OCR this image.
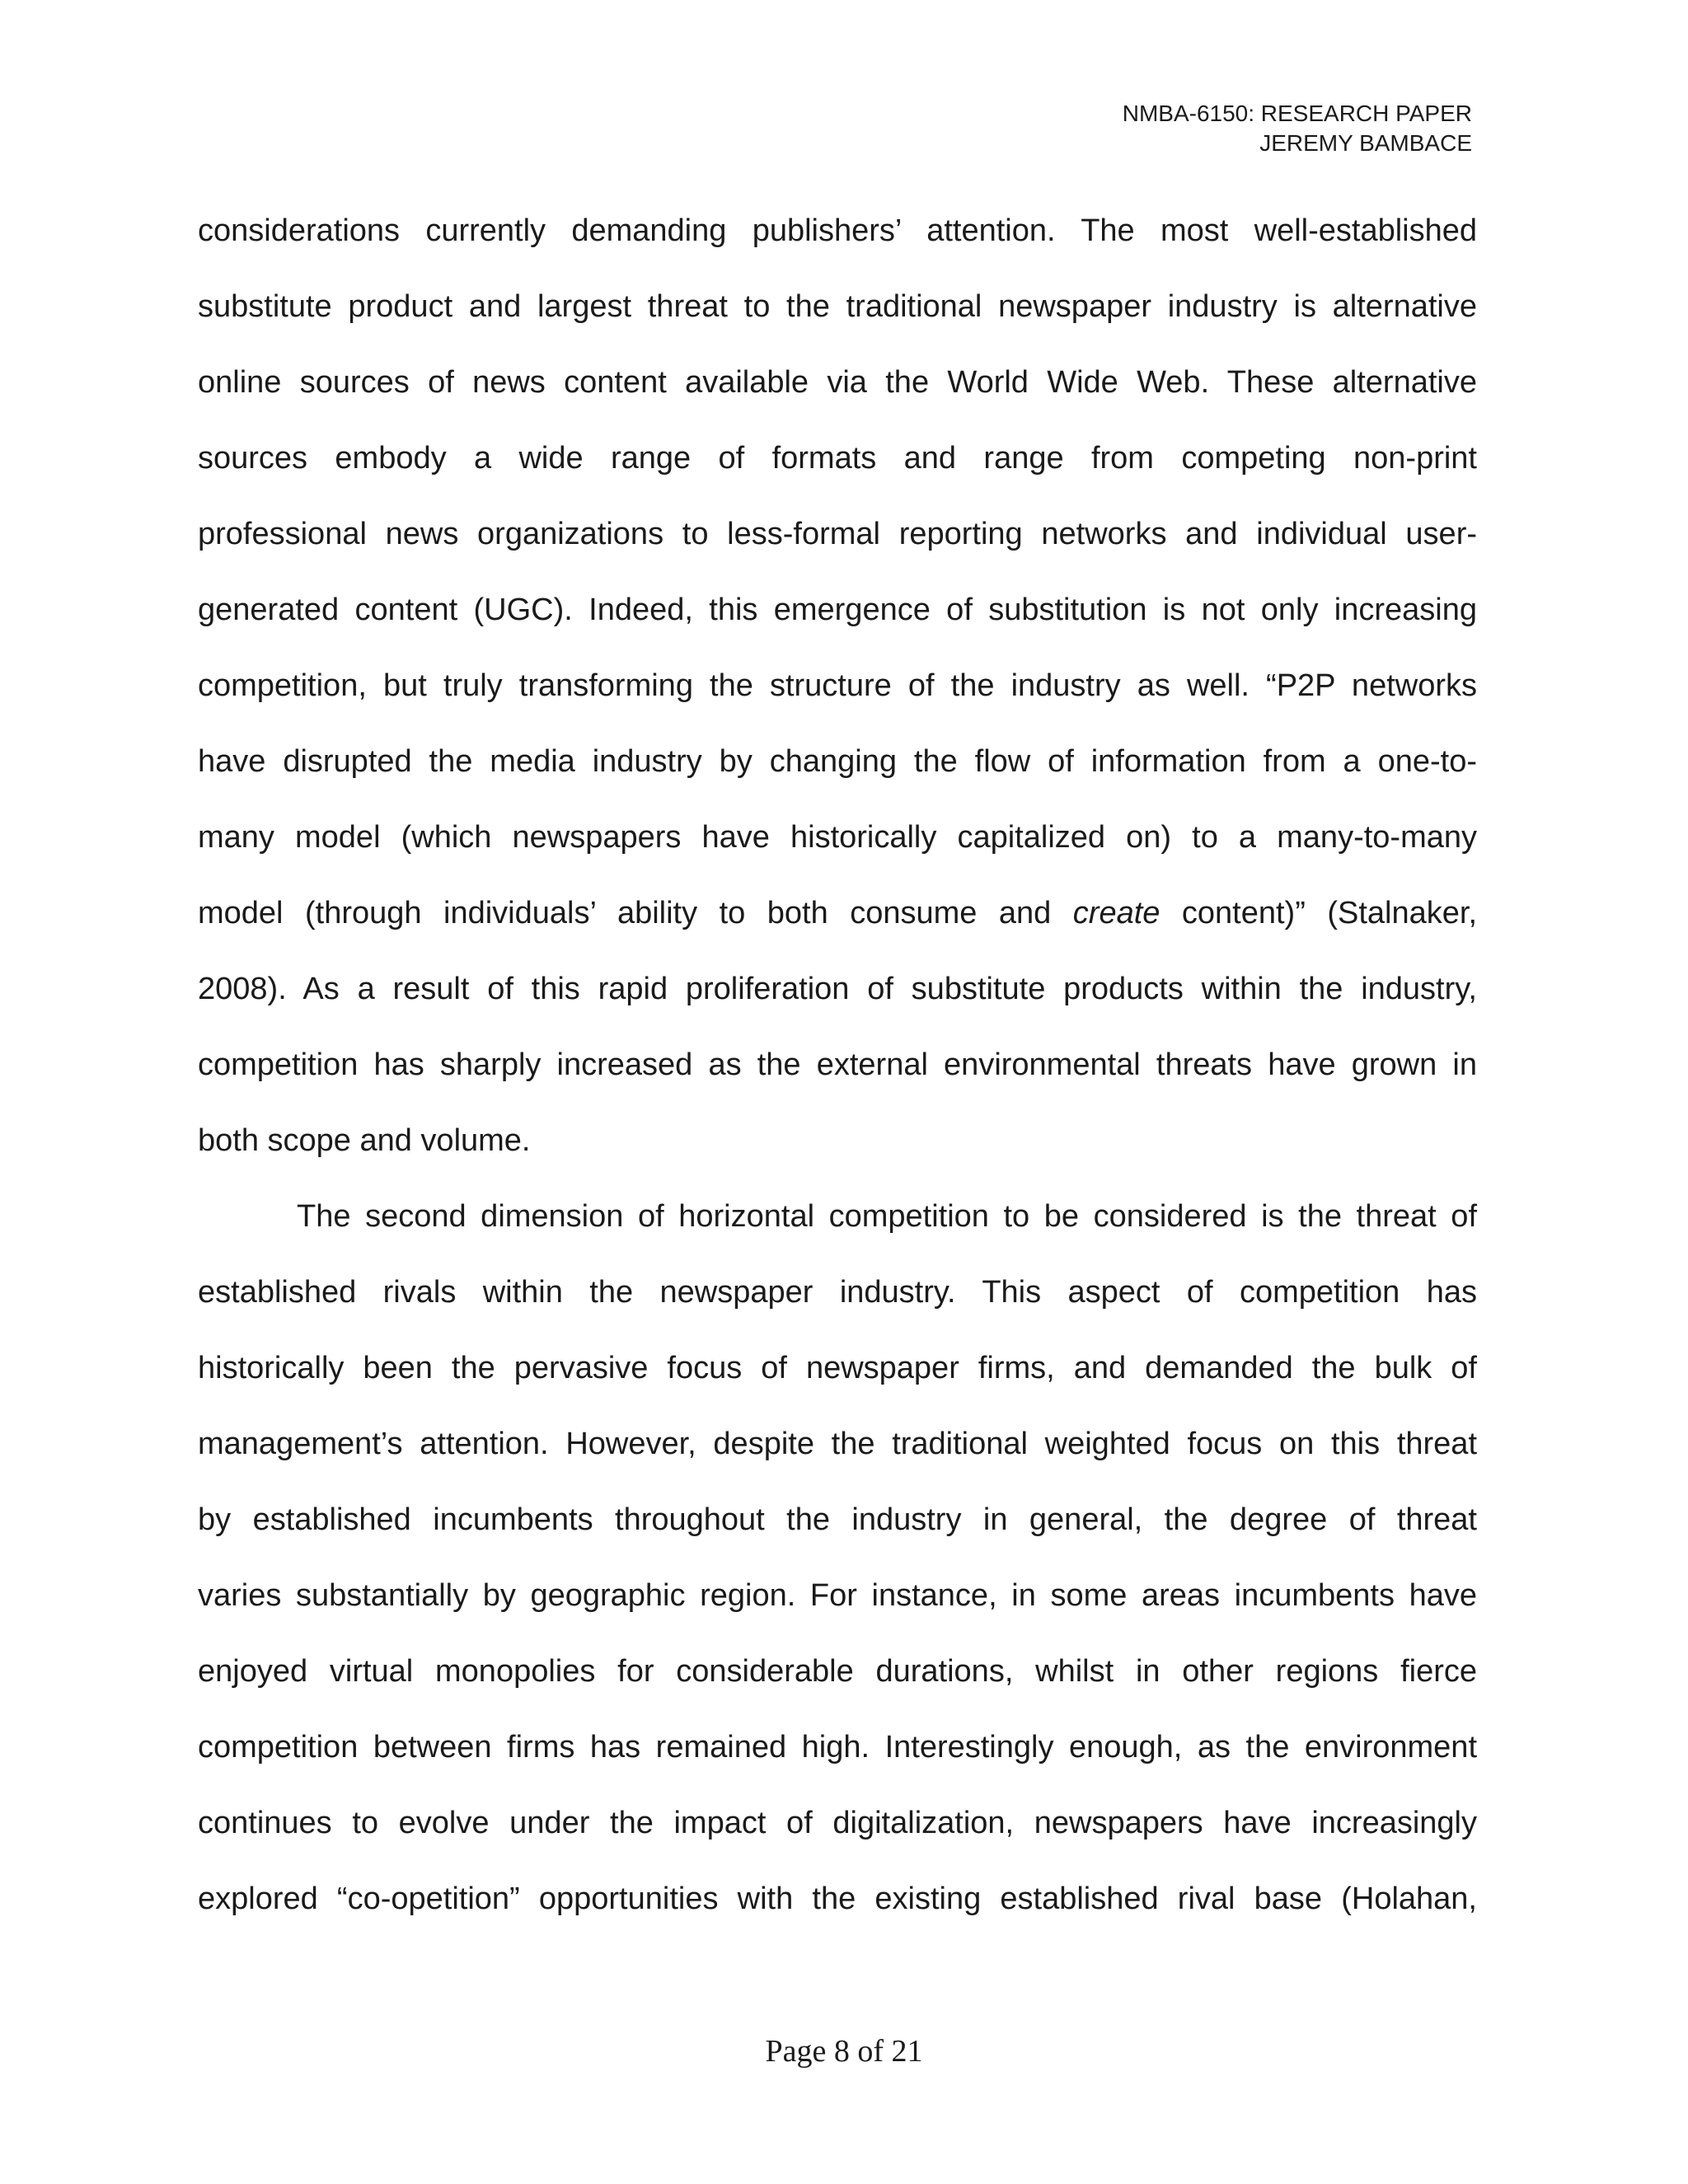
NMBA-6150: RESEARCH PAPER
JEREMY BAMBACE
considerations currently demanding publishers’ attention. The most well-established
substitute product and largest threat to the traditional newspaper industry is alternative
online sources of news content available via the World Wide Web. These alternative
sources embody a wide range of formats and range from competing non-print
professional news organizations to less-formal reporting networks and individual user-
generated content (UGC). Indeed, this emergence of substitution is not only increasing
competition, but truly transforming the structure of the industry as well. “P2P networks
have disrupted the media industry by changing the flow of information from a one-to-
many model (which newspapers have historically capitalized on) to a many-to-many
model (through individuals’ ability to both consume and create content)” (Stalnaker,
2008). As a result of this rapid proliferation of substitute products within the industry,
competition has sharply increased as the external environmental threats have grown in
both scope and volume.
The second dimension of horizontal competition to be considered is the threat of
established rivals within the newspaper industry. This aspect of competition has
historically been the pervasive focus of newspaper firms, and demanded the bulk of
management’s attention. However, despite the traditional weighted focus on this threat
by established incumbents throughout the industry in general, the degree of threat
varies substantially by geographic region. For instance, in some areas incumbents have
enjoyed virtual monopolies for considerable durations, whilst in other regions fierce
competition between firms has remained high. Interestingly enough, as the environment
continues to evolve under the impact of digitalization, newspapers have increasingly
explored “co-opetition” opportunities with the existing established rival base (Holahan,
Page 8 of 21
